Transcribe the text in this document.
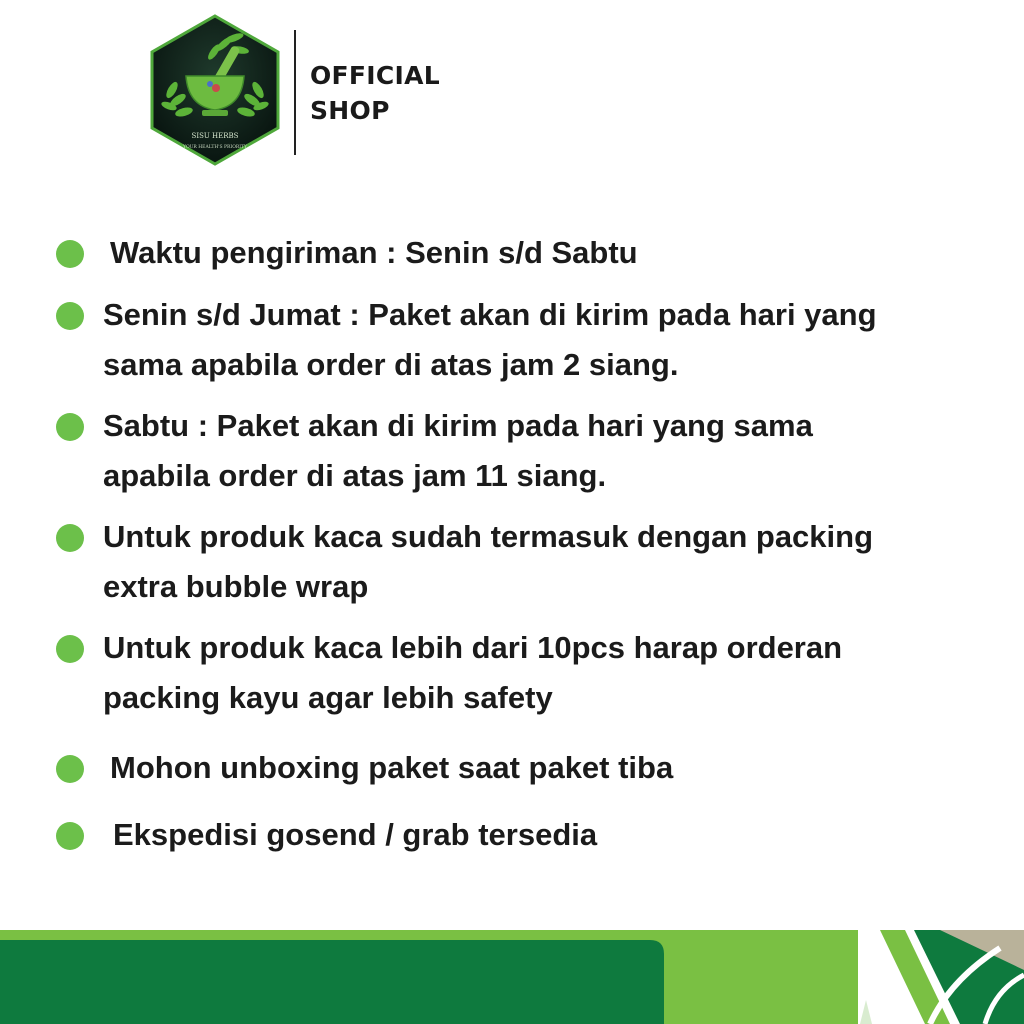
SISU HERBS
YOUR HEALTH'S PRIORITY
OFFICIAL
SHOP
Waktu pengiriman : Senin s/d Sabtu
Senin s/d Jumat : Paket akan di kirim pada hari yang
sama apabila order di atas jam 2 siang.
Sabtu : Paket akan di kirim pada hari yang sama
apabila order di atas jam 11 siang.
Untuk produk kaca sudah termasuk dengan packing
extra bubble wrap
Untuk produk kaca lebih dari 10pcs harap orderan
packing kayu agar lebih safety
Mohon unboxing paket saat paket tiba
Ekspedisi gosend / grab tersedia
